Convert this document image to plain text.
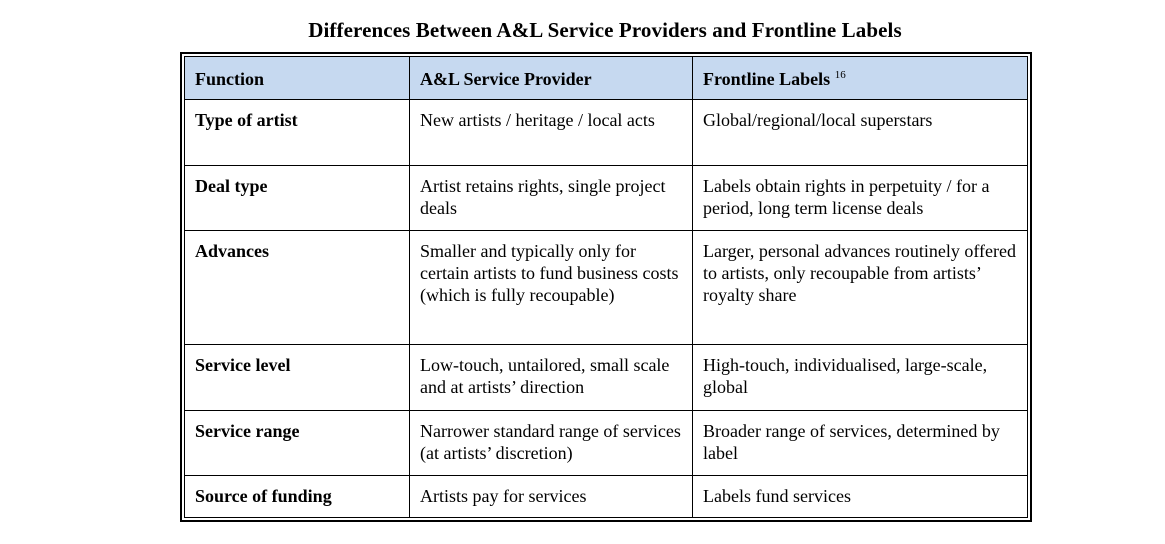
Differences Between A&L Service Providers and Frontline Labels
Function	A&L Service Provider	Frontline Labels $^{16}$
Type of artist	New artists / heritage / local acts	Global/regional/local superstars
Deal type	Artist retains rights, single project deals	Labels obtain rights in perpetuity / for a period, long term license deals
Advances	Smaller and typically only for certain artists to fund business costs (which is fully recoupable)	Larger, personal advances routinely offered to artists, only recoupable from artists’ royalty share
Service level	Low-touch, untailored, small scale and at artists’ direction	High-touch, individualised, large-scale, global
Service range	Narrower standard range of services (at artists’ discretion)	Broader range of services, determined by label
Source of funding	Artists pay for services	Labels fund services
